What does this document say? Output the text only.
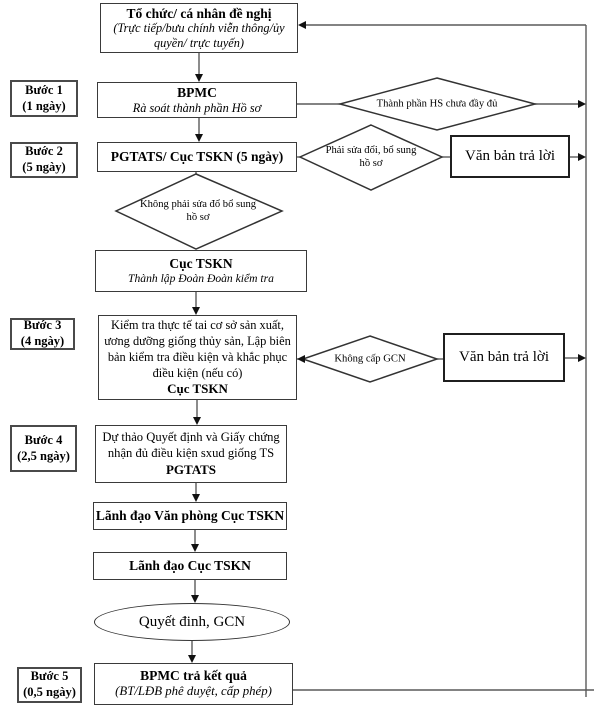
Bước 1
(1 ngày)
Bước 2
(5 ngày)
Bước 3
(4 ngày)
Bước 4
(2,5 ngày)
Bước 5
(0,5 ngày)
Tổ chức/ cá nhân đề nghị
(Trực tiếp/bưu chính viễn thông/ủy quyền/ trực tuyến)
BPMC
Rà soát thành phần Hồ sơ
PGTATS/ Cục TSKN (5 ngày)	Văn bản trả lời
Cục TSKN
Thành lập Đoàn Đoàn kiểm tra
Kiểm tra thực tế tai cơ sở sản xuất, ương dưỡng giống thủy sản, Lập biên bản kiểm tra điều kiện và khắc phục điều kiện (nếu có)
Cục TSKN
Văn bản trả lời
Dự thảo Quyết định và Giấy chứng nhận đủ điều kiện sxud giống TS
PGTATS
Lãnh đạo Văn phòng Cục TSKN
Lãnh đạo Cục TSKN
Quyết đinh, GCN
BPMC trả kết quả
(BT/LĐB phê duyệt, cấp phép)
Thành phần HS chưa đầy đủ
Phải sửa đổi, bổ sung hồ sơ
Không phải sửa đổ bổ sung hồ sơ
Không cấp GCN
